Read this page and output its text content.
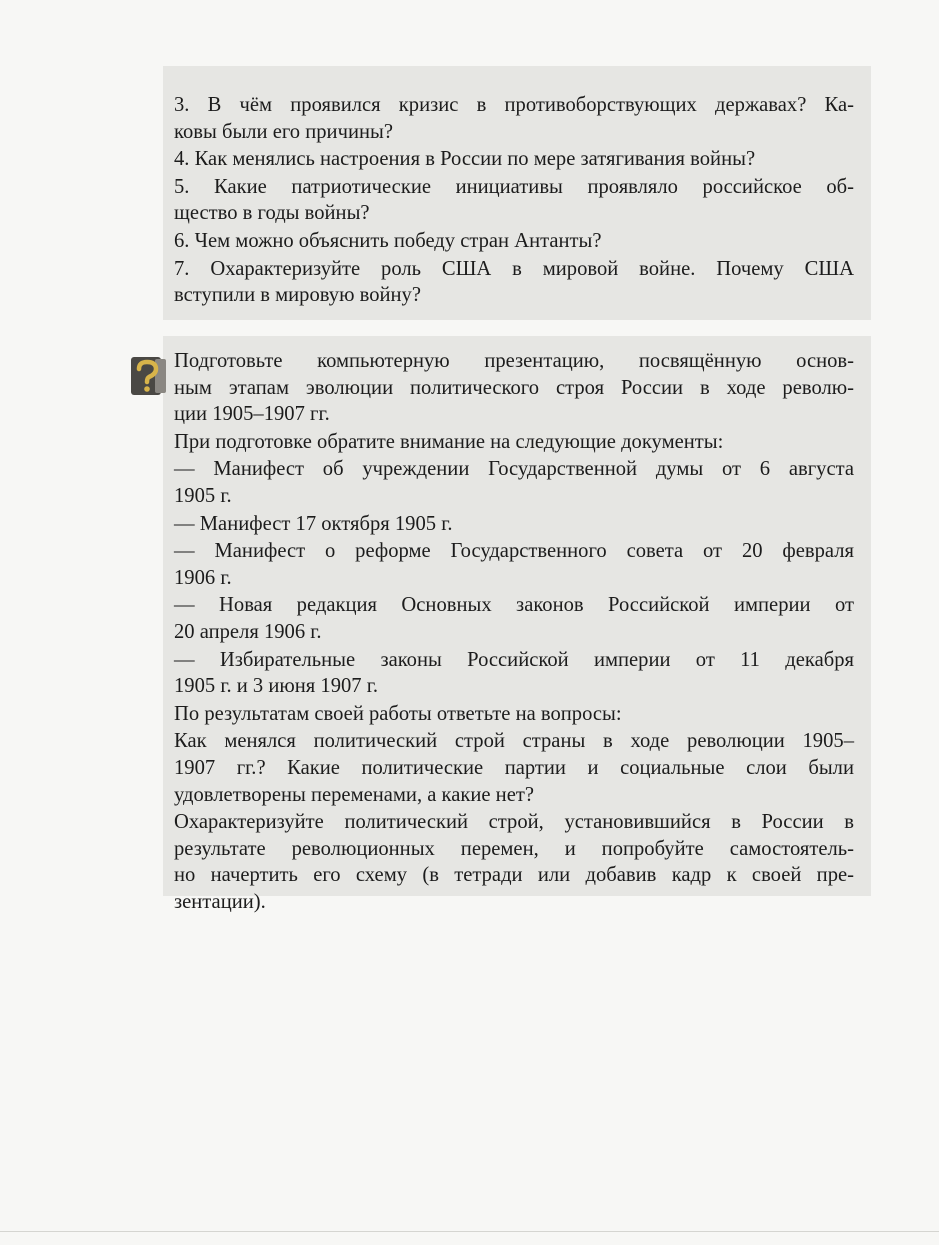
3. В чём проявился кризис в противоборствующих державах? Ка-
ковы были его причины?
4. Как менялись настроения в России по мере затягивания войны?
5. Какие патриотические инициативы проявляло российское об-
щество в годы войны?
6. Чем можно объяснить победу стран Антанты?
7. Охарактеризуйте роль США в мировой войне. Почему США
вступили в мировую войну?
Подготовьте компьютерную презентацию, посвящённую основ-
ным этапам эволюции политического строя России в ходе револю-
ции 1905–1907 гг.
При подготовке обратите внимание на следующие документы:
— Манифест об учреждении Государственной думы от 6 августа
1905 г.
— Манифест 17 октября 1905 г.
— Манифест о реформе Государственного совета от 20 февраля
1906 г.
— Новая редакция Основных законов Российской империи от
20 апреля 1906 г.
— Избирательные законы Российской империи от 11 декабря
1905 г. и 3 июня 1907 г.
По результатам своей работы ответьте на вопросы:
Как менялся политический строй страны в ходе революции 1905–
1907 гг.? Какие политические партии и социальные слои были
удовлетворены переменами, а какие нет?
Охарактеризуйте политический строй, установившийся в России в
результате революционных перемен, и попробуйте самостоятель-
но начертить его схему (в тетради или добавив кадр к своей пре-
зентации).
